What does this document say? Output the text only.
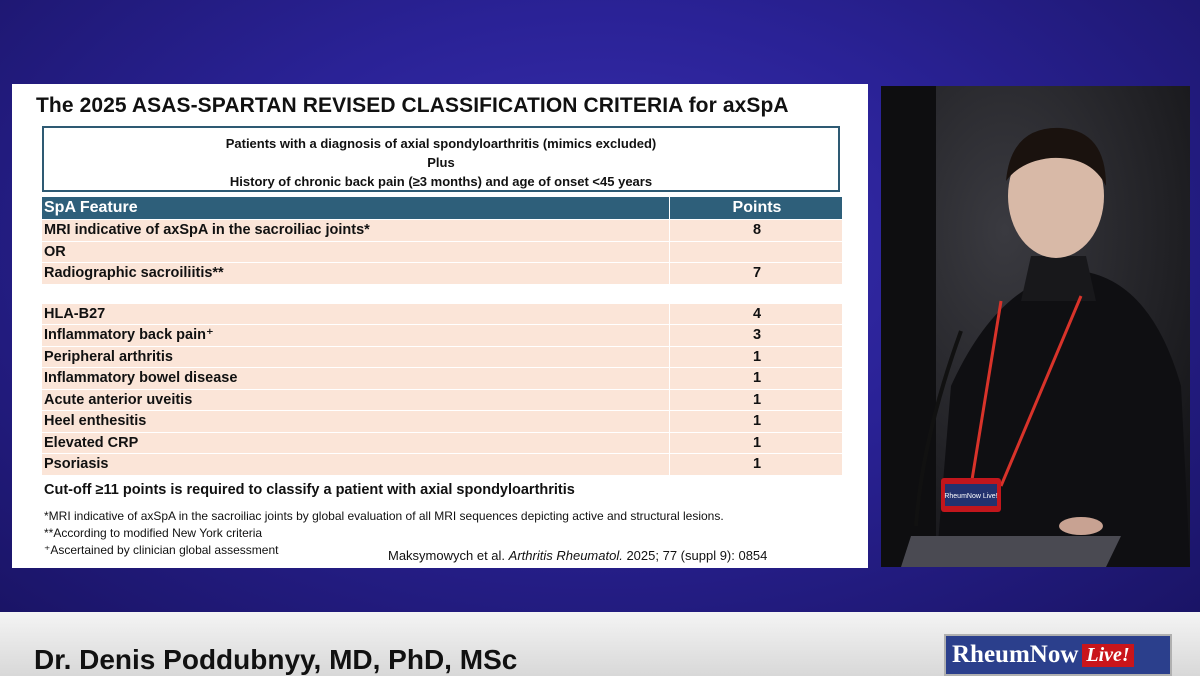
The 2025 ASAS-SPARTAN REVISED CLASSIFICATION CRITERIA for axSpA
Patients with a diagnosis of axial spondyloarthritis (mimics excluded)
Plus
History of chronic back pain (≥3 months) and age of onset <45 years
SpA Feature	Points
MRI indicative of axSpA in the sacroiliac joints*	8
OR	
Radiographic sacroiliitis**	7

HLA-B27	4
Inflammatory back pain⁺	3
Peripheral arthritis	1
Inflammatory bowel disease	1
Acute anterior uveitis	1
Heel enthesitis	1
Elevated CRP	1
Psoriasis	1
Cut-off ≥11 points is required to classify a patient with axial spondyloarthritis
*MRI indicative of axSpA in the sacroiliac joints by global evaluation of all MRI sequences depicting active and structural lesions.
**According to modified New York criteria
⁺Ascertained by clinician global assessment	Maksymowych et al. Arthritis Rheumatol. 2025; 77 (suppl 9): 0854
RheumNow Live!
Dr. Denis Poddubnyy, MD, PhD, MSc	RheumNow Live!
